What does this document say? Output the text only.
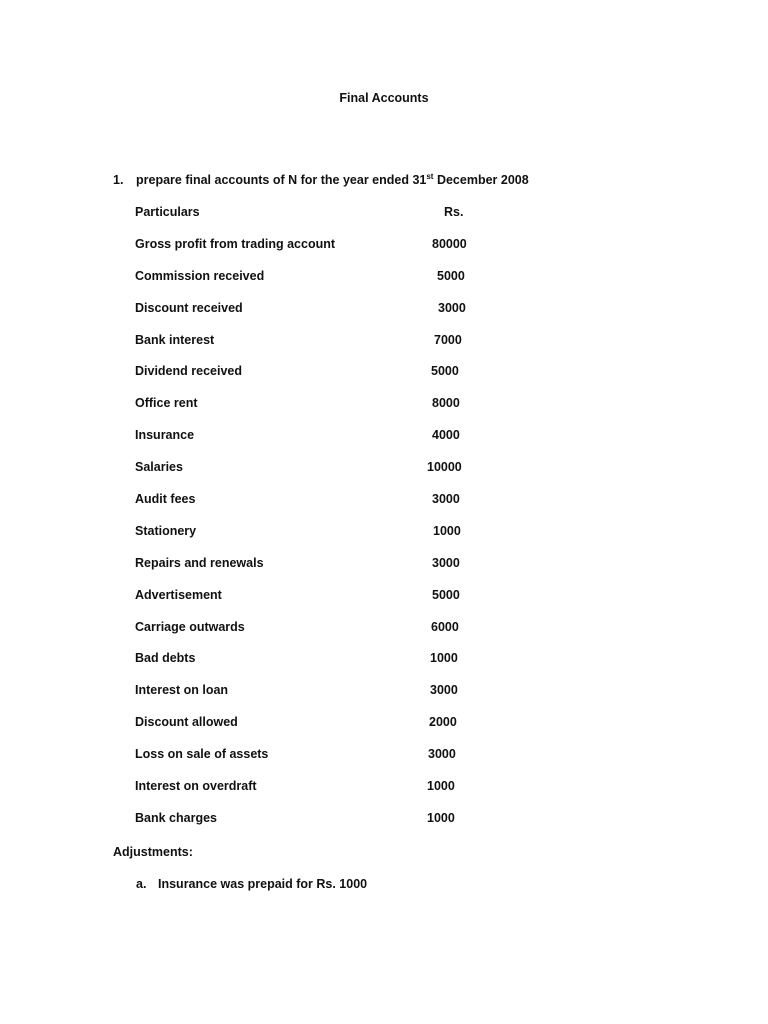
Final Accounts
1. prepare final accounts of N for the year ended 31st December 2008
Particulars	Rs.
Gross profit from trading account	80000
Commission received	5000
Discount received	3000
Bank interest	7000
Dividend received	5000
Office rent	8000
Insurance	4000
Salaries	10000
Audit fees	3000
Stationery	1000
Repairs and renewals	3000
Advertisement	5000
Carriage outwards	6000
Bad debts	1000
Interest on loan	3000
Discount allowed	2000
Loss on sale of assets	3000
Interest on overdraft	1000
Bank charges	1000
Adjustments:
a. Insurance was prepaid for Rs. 1000
